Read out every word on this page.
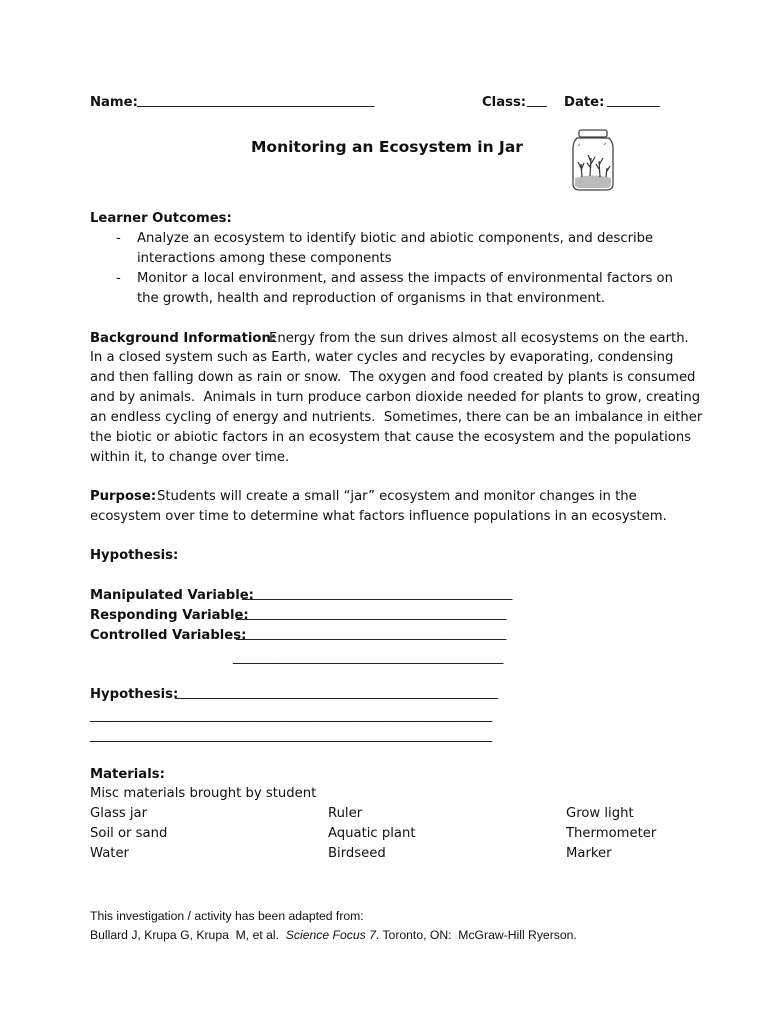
Name: ____________________________________	Class: ___ Date: ________
Monitoring an Ecosystem in Jar
Learner Outcomes:
- Analyze an ecosystem to identify biotic and abiotic components, and describe
interactions among these components
- Monitor a local environment, and assess the impacts of environmental factors on
the growth, health and reproduction of organisms in that environment.
Background Information:
Energy from the sun drives almost all ecosystems on the earth.
In a closed system such as Earth, water cycles and recycles by evaporating, condensing
and then falling down as rain or snow.  The oxygen and food created by plants is consumed
and by animals.  Animals in turn produce carbon dioxide needed for plants to grow, creating
an endless cycling of energy and nutrients.  Sometimes, there can be an imbalance in either
the biotic or abiotic factors in an ecosystem that cause the ecosystem and the populations
within it, to change over time.
Purpose: Students will create a small “jar” ecosystem and monitor changes in the
ecosystem over time to determine what factors influence populations in an ecosystem.
Hypothesis:
Manipulated Variable:
_________________________________________
Responding Variable:
_________________________________________
Controlled Variables:
_________________________________________
_________________________________________
Hypothesis:
_________________________________________________
_____________________________________________________________
_____________________________________________________________
Materials:
Misc materials brought by student
Glass jar
Soil or sand
Water
Ruler
Aquatic plant
Birdseed
Grow light
Thermometer
Marker
This investigation / activity has been adapted from:
Bullard J, Krupa G, Krupa  M, et al. Science Focus 7. Toronto, ON:  McGraw-Hill Ryerson.
